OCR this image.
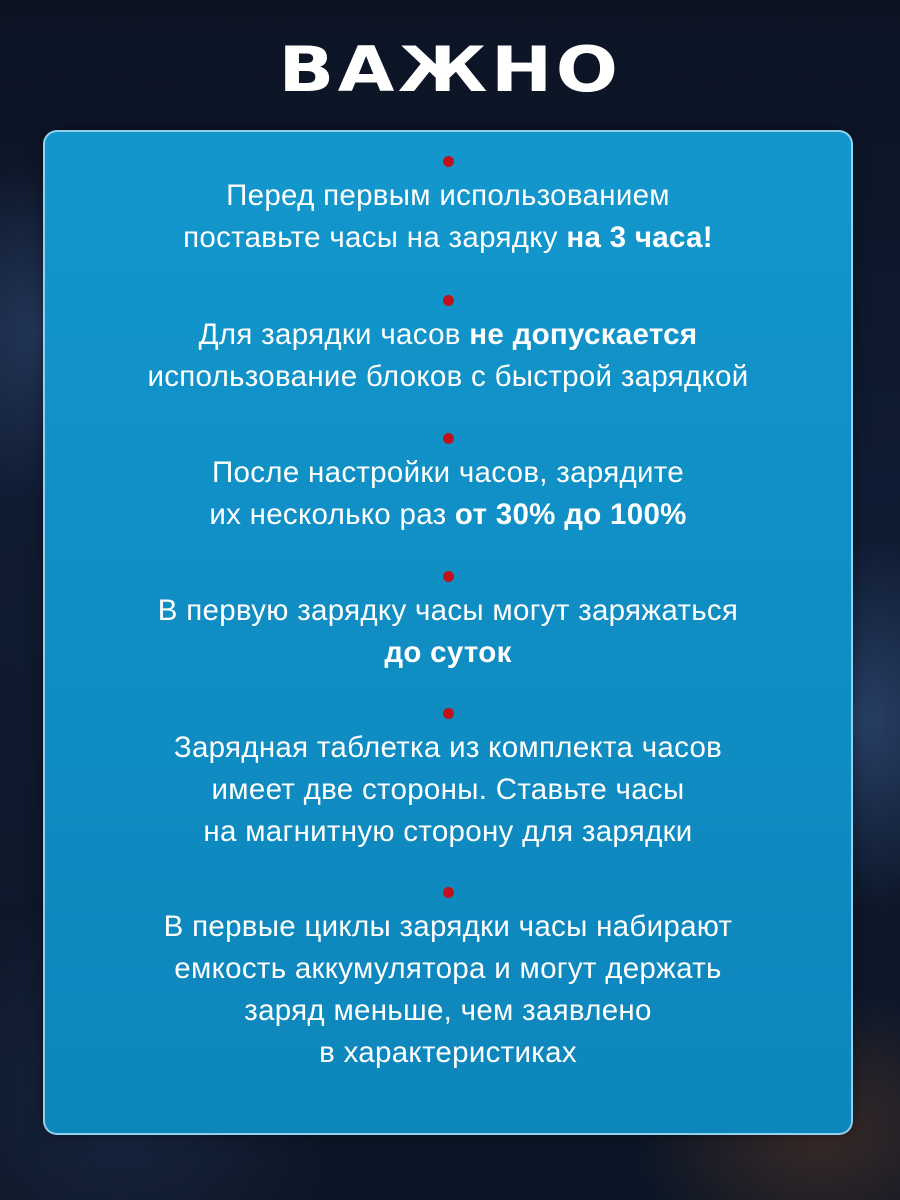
ВАЖНО
Перед первым использованием
поставьте часы на зарядку на 3 часа!
Для зарядки часов не допускается
использование блоков с быстрой зарядкой
После настройки часов, зарядите
их несколько раз от 30% до 100%
В первую зарядку часы могут заряжаться
до суток
Зарядная таблетка из комплекта часов
имеет две стороны. Ставьте часы
на магнитную сторону для зарядки
В первые циклы зарядки часы набирают
емкость аккумулятора и могут держать
заряд меньше, чем заявлено
в характеристиках
